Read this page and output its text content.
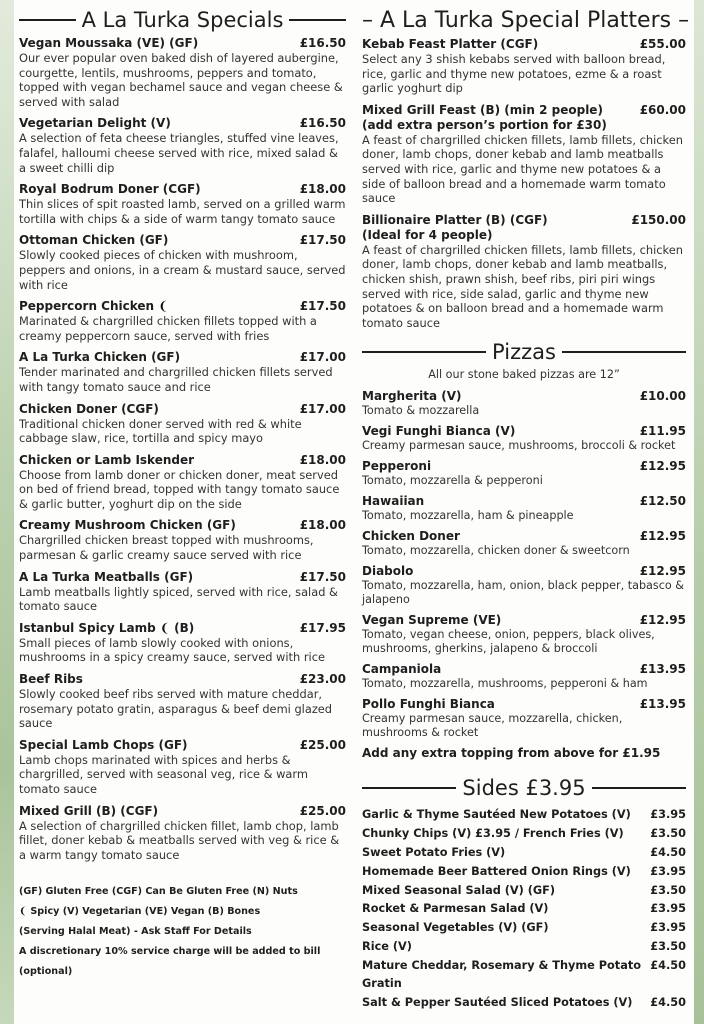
A La Turka Specials
Vegan Moussaka (VE) (GF)	£16.50
Our ever popular oven baked dish of layered aubergine, courgette, lentils, mushrooms, peppers and tomato, topped with vegan bechamel sauce and vegan cheese & served with salad
Vegetarian Delight (V)	£16.50
A selection of feta cheese triangles, stuffed vine leaves, falafel, halloumi cheese served with rice, mixed salad & a sweet chilli dip
Royal Bodrum Doner (CGF)	£18.00
Thin slices of spit roasted lamb, served on a grilled warm tortilla with chips & a side of warm tangy tomato sauce
Ottoman Chicken (GF)	£17.50
Slowly cooked pieces of chicken with mushroom, peppers and onions, in a cream & mustard sauce, served with rice
Peppercorn Chicken ❨	£17.50
Marinated & chargrilled chicken fillets topped with a creamy peppercorn sauce, served with fries
A La Turka Chicken (GF)	£17.00
Tender marinated and chargrilled chicken fillets served with tangy tomato sauce and rice
Chicken Doner (CGF)	£17.00
Traditional chicken doner served with red & white cabbage slaw, rice, tortilla and spicy mayo
Chicken or Lamb Iskender	£18.00
Choose from lamb doner or chicken doner, meat served on bed of friend bread, topped with tangy tomato sauce & garlic butter, yoghurt dip on the side
Creamy Mushroom Chicken (GF)	£18.00
Chargrilled chicken breast topped with mushrooms, parmesan & garlic creamy sauce served with rice
A La Turka Meatballs (GF)	£17.50
Lamb meatballs lightly spiced, served with rice, salad & tomato sauce
Istanbul Spicy Lamb ❨ (B)	£17.95
Small pieces of lamb slowly cooked with onions, mushrooms in a spicy creamy sauce, served with rice
Beef Ribs	£23.00
Slowly cooked beef ribs served with mature cheddar, rosemary potato gratin, asparagus & beef demi glazed sauce
Special Lamb Chops (GF)	£25.00
Lamb chops marinated with spices and herbs & chargrilled, served with seasonal veg, rice & warm tomato sauce
Mixed Grill (B) (CGF)	£25.00
A selection of chargrilled chicken fillet, lamb chop, lamb fillet, doner kebab & meatballs served with veg & rice & a warm tangy tomato sauce
(GF) Gluten Free (CGF) Can Be Gluten Free (N) Nuts
❨ Spicy (V) Vegetarian (VE) Vegan (B) Bones
(Serving Halal Meat) - Ask Staff For Details
A discretionary 10% service charge will be added to bill (optional)
– A La Turka Special Platters –
Kebab Feast Platter (CGF)	£55.00
Select any 3 shish kebabs served with balloon bread, rice, garlic and thyme new potatoes, ezme & a roast garlic yoghurt dip
Mixed Grill Feast (B) (min 2 people)	£60.00
(add extra person’s portion for £30)
A feast of chargrilled chicken fillets, lamb fillets, chicken doner, lamb chops, doner kebab and lamb meatballs served with rice, garlic and thyme new potatoes & a side of balloon bread and a homemade warm tomato sauce
Billionaire Platter (B) (CGF)	£150.00
(Ideal for 4 people)
A feast of chargrilled chicken fillets, lamb fillets, chicken doner, lamb chops, doner kebab and lamb meatballs, chicken shish, prawn shish, beef ribs, piri piri wings served with rice, side salad, garlic and thyme new potatoes & on balloon bread and a homemade warm tomato sauce
Pizzas
All our stone baked pizzas are 12”
Margherita (V)	£10.00
Tomato & mozzarella
Vegi Funghi Bianca (V)	£11.95
Creamy parmesan sauce, mushrooms, broccoli & rocket
Pepperoni	£12.95
Tomato, mozzarella & pepperoni
Hawaiian	£12.50
Tomato, mozzarella, ham & pineapple
Chicken Doner	£12.95
Tomato, mozzarella, chicken doner & sweetcorn
Diabolo	£12.95
Tomato, mozzarella, ham, onion, black pepper, tabasco & jalapeno
Vegan Supreme (VE)	£12.95
Tomato, vegan cheese, onion, peppers, black olives, mushrooms, gherkins, jalapeno & broccoli
Campaniola	£13.95
Tomato, mozzarella, mushrooms, pepperoni & ham
Pollo Funghi Bianca	£13.95
Creamy parmesan sauce, mozzarella, chicken, mushrooms & rocket
Add any extra topping from above for £1.95
Sides £3.95
Garlic & Thyme Sautéed New Potatoes (V) £3.95
Chunky Chips (V) £3.95 / French Fries (V) £3.50
Sweet Potato Fries (V)	£4.50
Homemade Beer Battered Onion Rings (V) £3.95
Mixed Seasonal Salad (V) (GF)	£3.50
Rocket & Parmesan Salad (V)	£3.95
Seasonal Vegetables (V) (GF)	£3.95
Rice (V)	£3.50
Mature Cheddar, Rosemary & Thyme Potato Gratin
£4.50
Salt & Pepper Sautéed Sliced Potatoes (V) £4.50
